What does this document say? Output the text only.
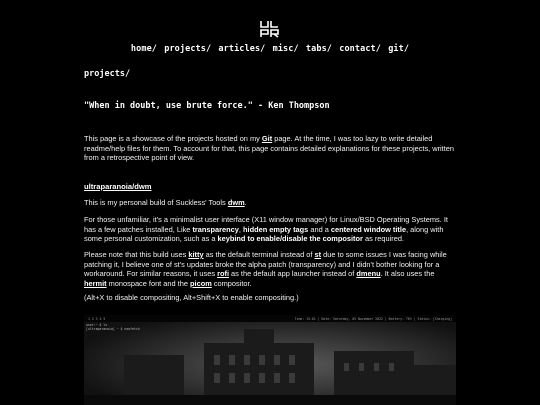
home/ projects/ articles/ misc/ tabs/ contact/ git/
projects/
"When in doubt, use brute force." - Ken Thompson
This page is a showcase of the projects hosted on my Git page. At the time, I was too lazy to write detailed readme/help files for them. To account for that, this page contains detailed explanations for these projects, written from a retrospective point of view.
ultraparanoia/dwm
This is my personal build of Suckless' Tools dwm.
For those unfamiliar, it's a minimalist user interface (X11 window manager) for Linux/BSD Operating Systems. It has a few patches installed, Like transparency, hidden empty tags and a centered window title, along with some personal customization, such as a keybind to enable/disable the compositor as required.
Please note that this build uses kitty as the default terminal instead of st due to some issues I was facing while patching it, I believe one of st's updates broke the alpha patch (transparency) and I didn't bother looking for a workaround. For similar reasons, it uses rofi as the default app launcher instead of dmenu. It also uses the hermit monospace font and the picom compositor.
(Alt+X to disable compositing, Alt+Shift+X to enable compositing.)
1 2 3 4 5	Time: 15:01 | Date: Saturday, 05 November 2022 | Battery: 76% | Status: [Charging]
user:~ $ ls
[ultraparanoia] ~ $ neofetch
